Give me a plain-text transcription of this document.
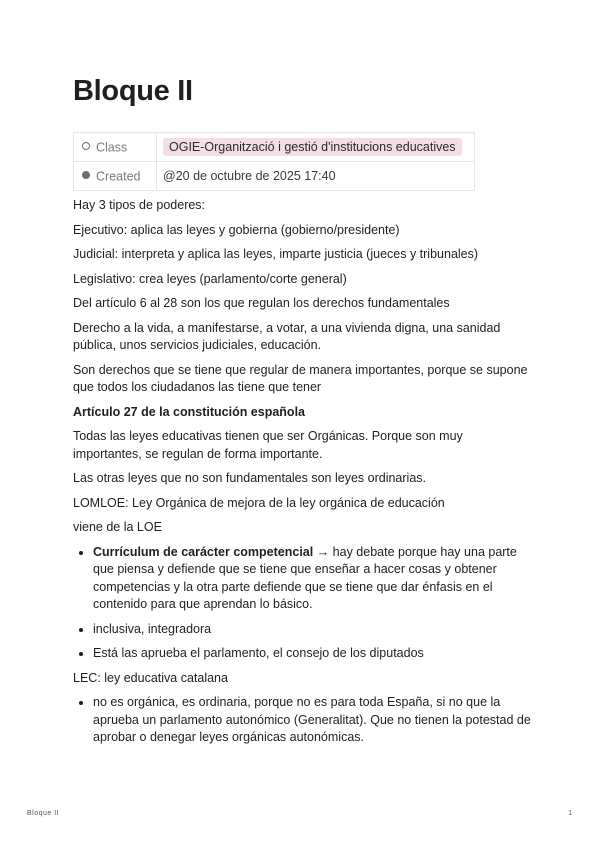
Bloque II
Class	OGIE-Organització i gestió d'institucions educatives
Created	@20 de octubre de 2025 17:40

Hay 3 tipos de poderes:

Ejecutivo: aplica las leyes y gobierna (gobierno/presidente)

Judicial: interpreta y aplica las leyes, imparte justicia (jueces y tribunales)

Legislativo: crea leyes (parlamento/corte general)

Del artículo 6 al 28 son los que regulan los derechos fundamentales

Derecho a la vida, a manifestarse, a votar, a una vivienda digna, una sanidad pública, unos servicios judiciales, educación.

Son derechos que se tiene que regular de manera importantes, porque se supone que todos los ciudadanos las tiene que tener

Artículo 27 de la constitución española

Todas las leyes educativas tienen que ser Orgánicas. Porque son muy importantes, se regulan de forma importante.

Las otras leyes que no son fundamentales son leyes ordinarias.

LOMLOE: Ley Orgánica de mejora de la ley orgánica de educación

viene de la LOE

• Currículum de carácter competencial → hay debate porque hay una parte que piensa y defiende que se tiene que enseñar a hacer cosas y obtener competencias y la otra parte defiende que se tiene que dar énfasis en el contenido para que aprendan lo básico.
• inclusiva, integradora
• Está las aprueba el parlamento, el consejo de los diputados

LEC: ley educativa catalana

• no es orgánica, es ordinaria, porque no es para toda España, si no que la aprueba un parlamento autonómico (Generalitat). Que no tienen la potestad de aprobar o denegar leyes orgánicas autonómicas.
Bloque II	1
